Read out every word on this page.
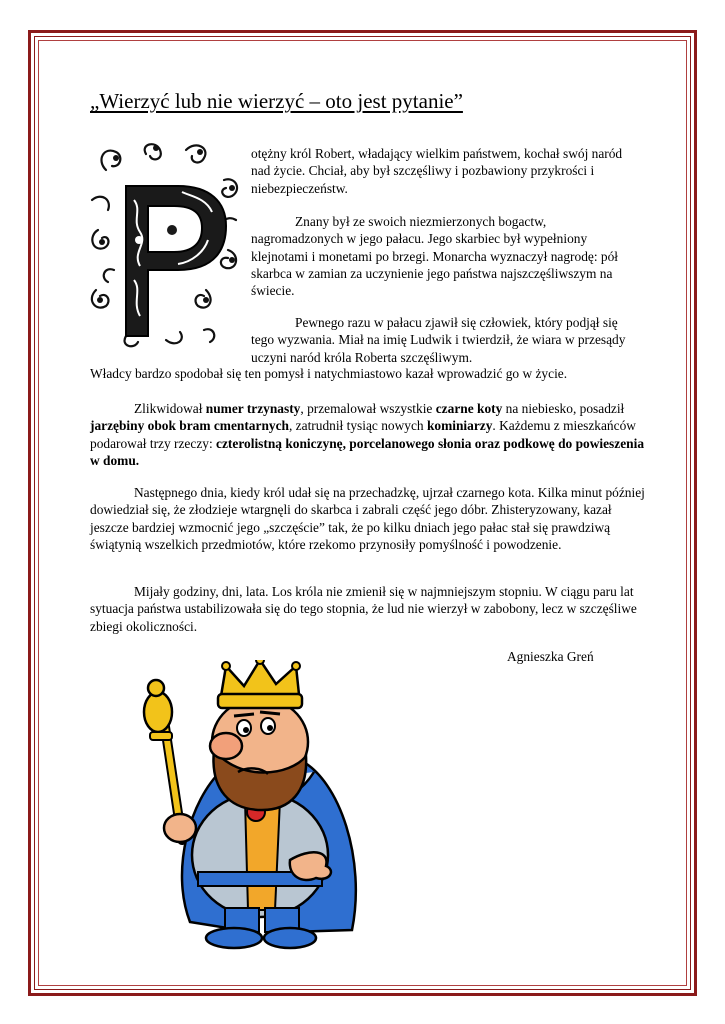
„Wierzyć lub nie wierzyć – oto jest pytanie”

otężny król Robert, władający wielkim państwem, kochał swój naród nad życie. Chciał, aby był szczęśliwy i pozbawiony przykrości i niebezpieczeństw.

Znany był ze swoich niezmierzonych bogactw, nagromadzonych w jego pałacu. Jego skarbiec był wypełniony klejnotami i monetami po brzegi. Monarcha wyznaczył nagrodę: pół skarbca w zamian za uczynienie jego państwa najszczęśliwszym na świecie.

Pewnego razu w pałacu zjawił się człowiek, który podjął się tego wyzwania. Miał na imię Ludwik i twierdził, że wiara w przesądy uczyni naród króla Roberta szczęśliwym.

Władcy bardzo spodobał się ten pomysł i natychmiastowo kazał wprowadzić go w życie.

Zlikwidował numer trzynasty, przemalował wszystkie czarne koty na niebiesko, posadził jarzębiny obok bram cmentarnych, zatrudnił tysiąc nowych kominiarzy. Każdemu z mieszkańców podarował trzy rzeczy: czterolistną koniczynę, porcelanowego słonia oraz podkowę do powieszenia w domu.

Następnego dnia, kiedy król udał się na przechadzkę, ujrzał czarnego kota. Kilka minut później dowiedział się, że złodzieje wtargnęli do skarbca i zabrali część jego dóbr. Zhisteryzowany, kazał jeszcze bardziej wzmocnić jego „szczęście” tak, że po kilku dniach jego pałac stał się prawdziwą świątynią wszelkich przedmiotów, które rzekomo przynosiły pomyślność i powodzenie.

Mijały godziny, dni, lata. Los króla nie zmienił się w najmniejszym stopniu. W ciągu paru lat sytuacja państwa ustabilizowała się do tego stopnia, że lud nie wierzył w zabobony, lecz w szczęśliwe zbiegi okoliczności.

Agnieszka Greń
